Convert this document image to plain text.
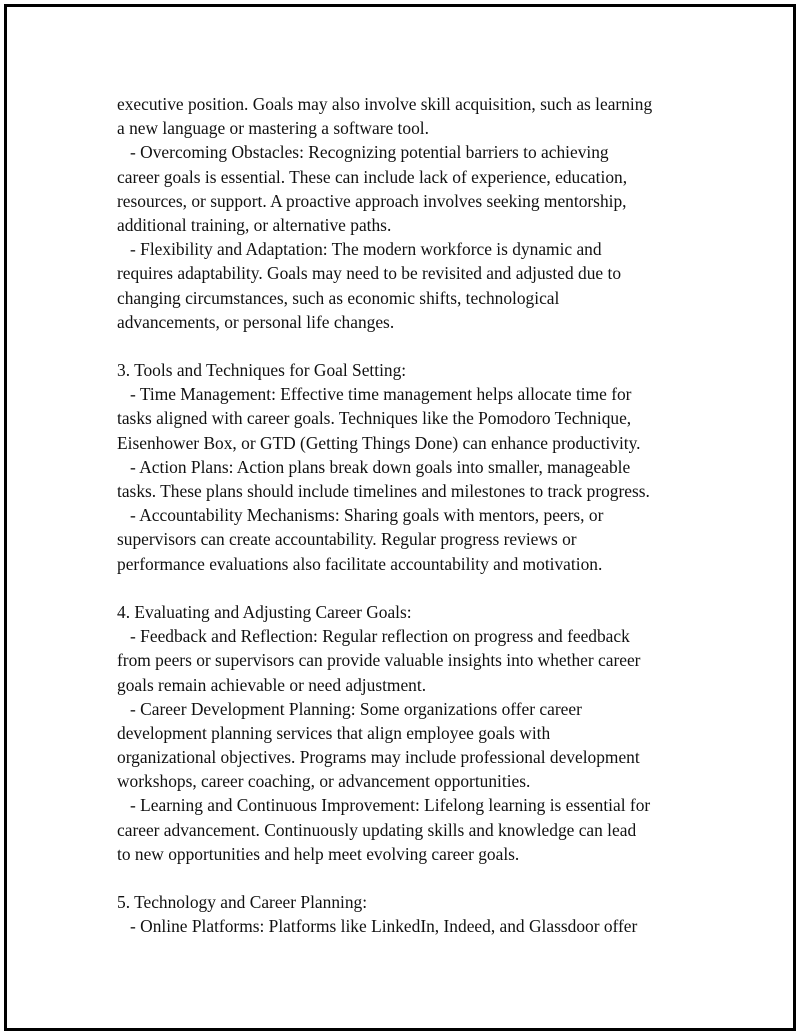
executive position. Goals may also involve skill acquisition, such as learning
a new language or mastering a software tool.
- Overcoming Obstacles: Recognizing potential barriers to achieving
career goals is essential. These can include lack of experience, education,
resources, or support. A proactive approach involves seeking mentorship,
additional training, or alternative paths.
- Flexibility and Adaptation: The modern workforce is dynamic and
requires adaptability. Goals may need to be revisited and adjusted due to
changing circumstances, such as economic shifts, technological
advancements, or personal life changes.
3. Tools and Techniques for Goal Setting:
- Time Management: Effective time management helps allocate time for
tasks aligned with career goals. Techniques like the Pomodoro Technique,
Eisenhower Box, or GTD (Getting Things Done) can enhance productivity.
- Action Plans: Action plans break down goals into smaller, manageable
tasks. These plans should include timelines and milestones to track progress.
- Accountability Mechanisms: Sharing goals with mentors, peers, or
supervisors can create accountability. Regular progress reviews or
performance evaluations also facilitate accountability and motivation.
4. Evaluating and Adjusting Career Goals:
- Feedback and Reflection: Regular reflection on progress and feedback
from peers or supervisors can provide valuable insights into whether career
goals remain achievable or need adjustment.
- Career Development Planning: Some organizations offer career
development planning services that align employee goals with
organizational objectives. Programs may include professional development
workshops, career coaching, or advancement opportunities.
- Learning and Continuous Improvement: Lifelong learning is essential for
career advancement. Continuously updating skills and knowledge can lead
to new opportunities and help meet evolving career goals.
5. Technology and Career Planning:
- Online Platforms: Platforms like LinkedIn, Indeed, and Glassdoor offer
